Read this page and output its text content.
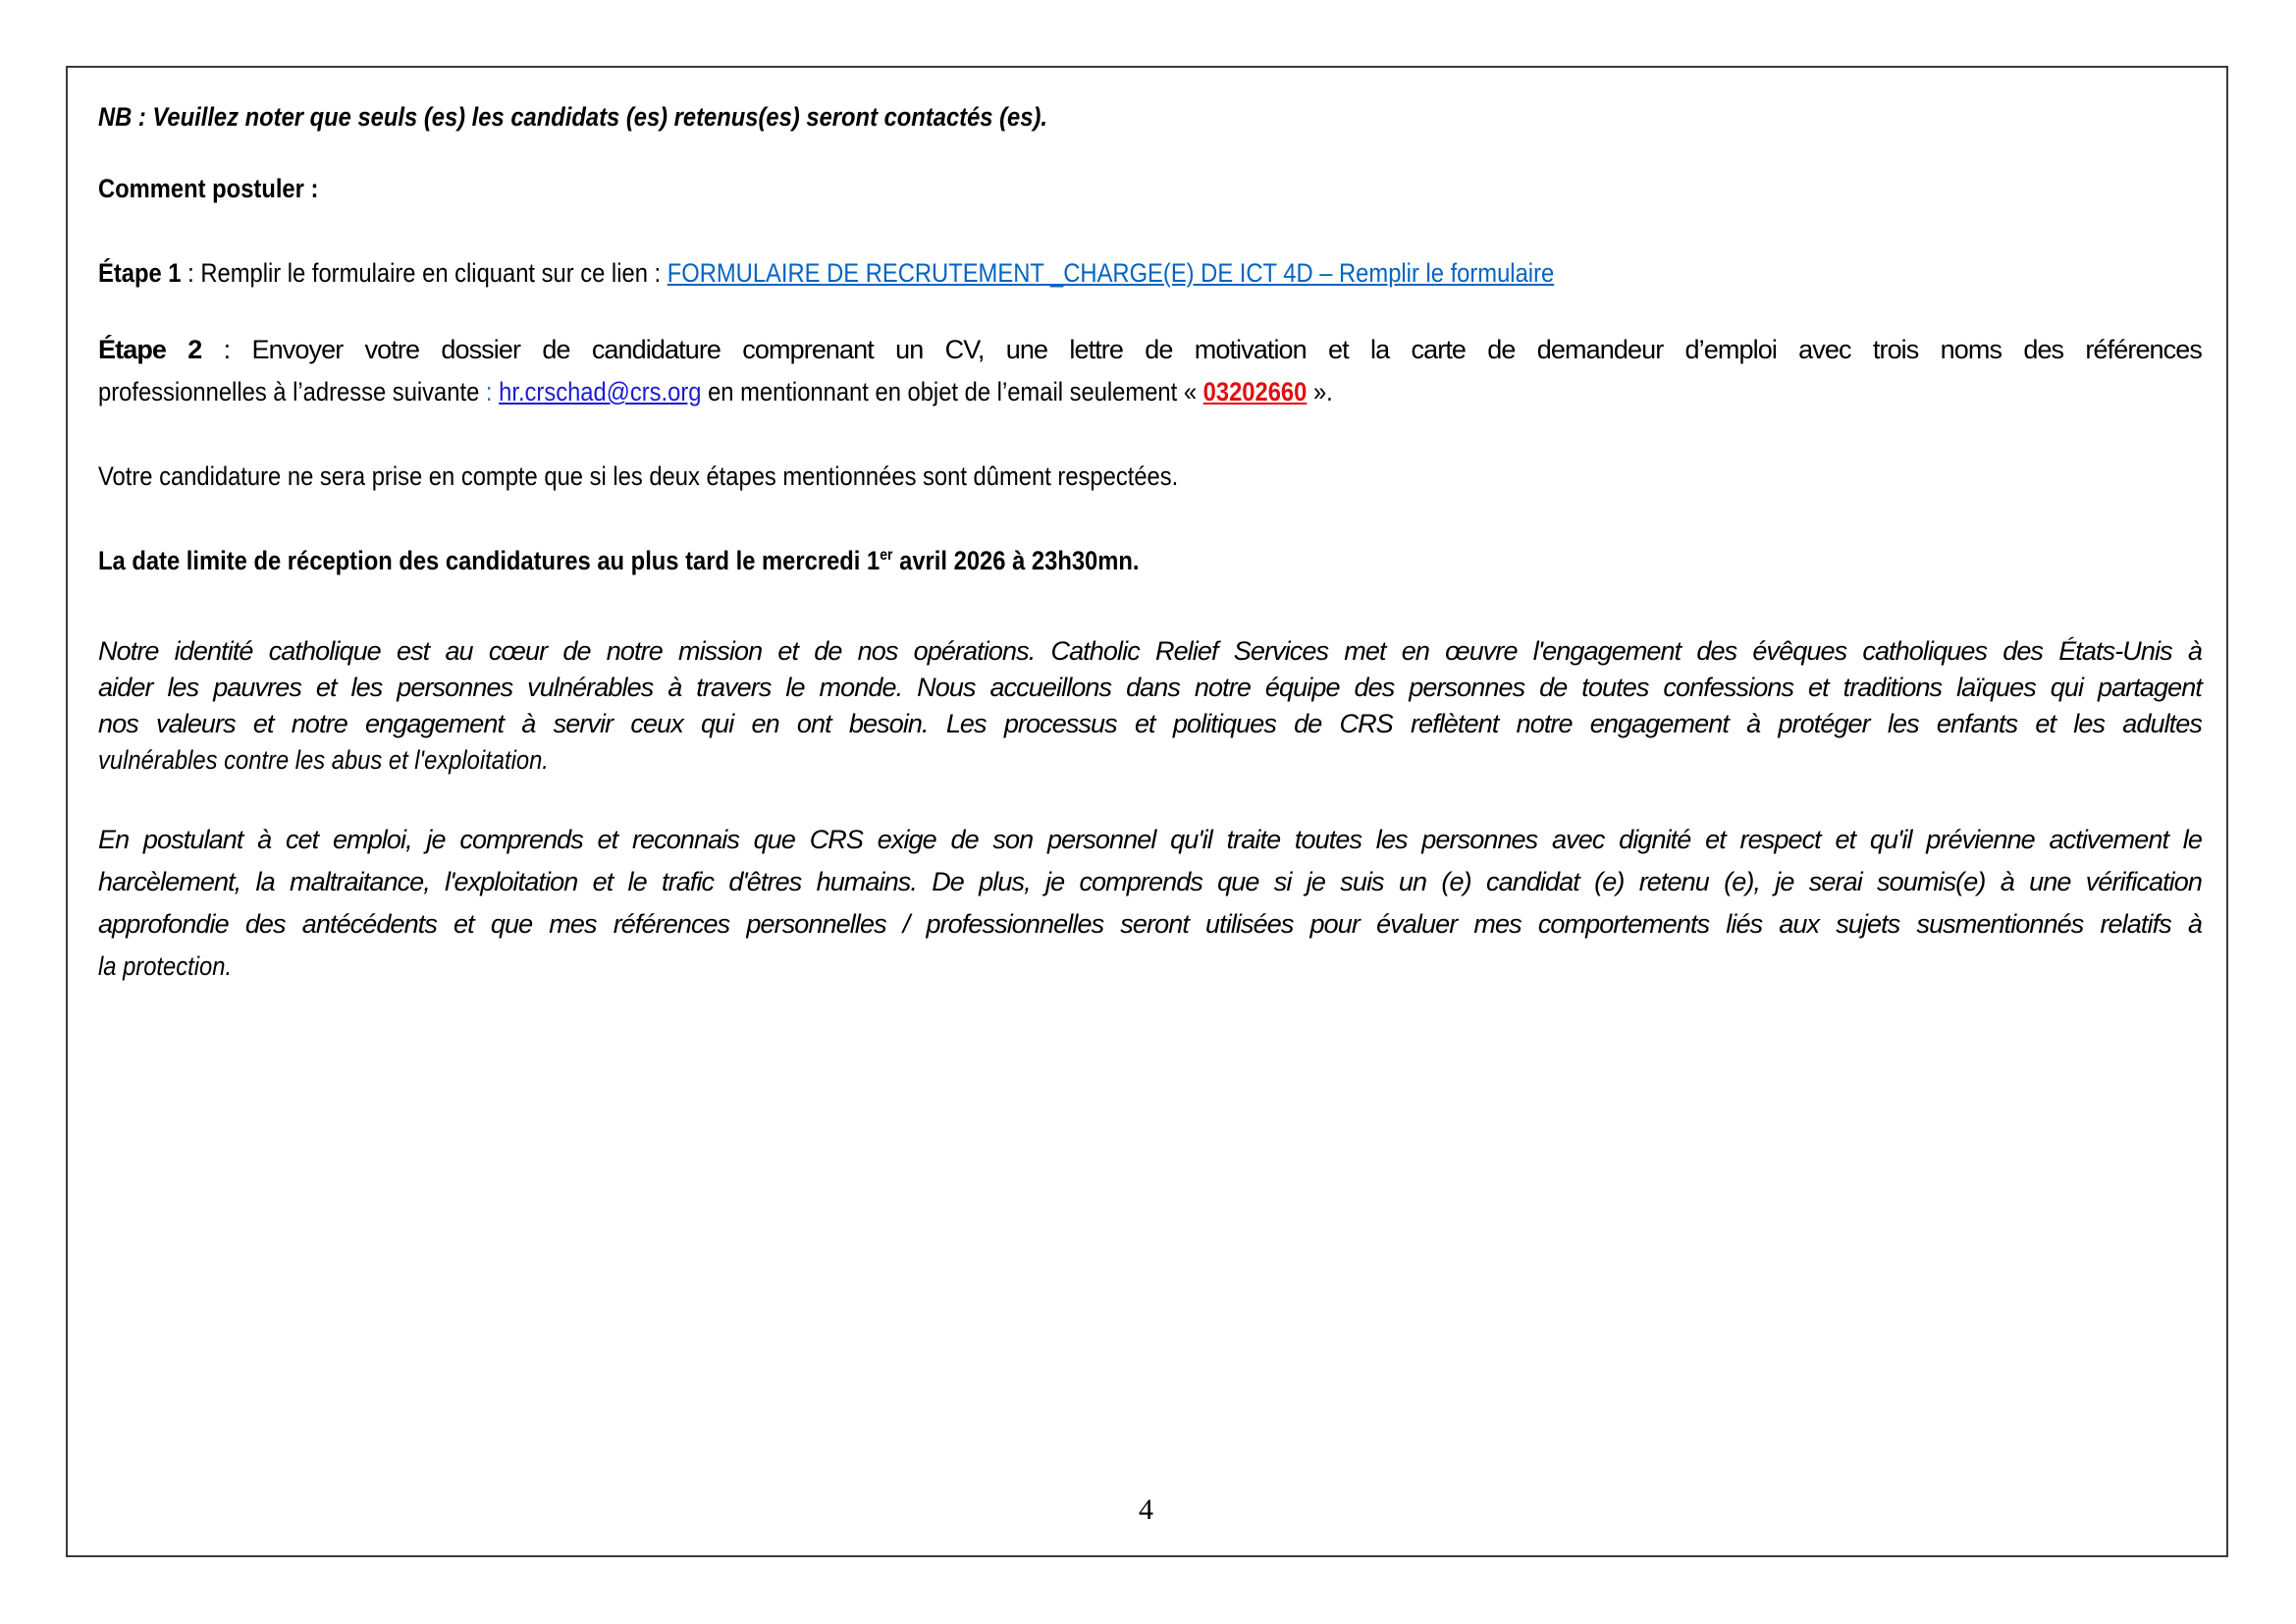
NB : Veuillez noter que seuls (es) les candidats (es) retenus(es) seront contactés (es).
Comment postuler :
Étape 1 : Remplir le formulaire en cliquant sur ce lien : FORMULAIRE DE RECRUTEMENT _CHARGE(E) DE ICT 4D – Remplir le formulaire
Étape 2 : Envoyer votre dossier de candidature comprenant un CV, une lettre de motivation et la carte de demandeur d’emploi avec trois noms des références
professionnelles à l’adresse suivante : hr.crschad@crs.org en mentionnant en objet de l’email seulement « 03202660 ».
Votre candidature ne sera prise en compte que si les deux étapes mentionnées sont dûment respectées.
La date limite de réception des candidatures au plus tard le mercredi 1er avril 2026 à 23h30mn.
Notre identité catholique est au cœur de notre mission et de nos opérations. Catholic Relief Services met en œuvre l'engagement des évêques catholiques des États-Unis à
aider les pauvres et les personnes vulnérables à travers le monde. Nous accueillons dans notre équipe des personnes de toutes confessions et traditions laïques qui partagent
nos valeurs et notre engagement à servir ceux qui en ont besoin. Les processus et politiques de CRS reflètent notre engagement à protéger les enfants et les adultes
vulnérables contre les abus et l'exploitation.
En postulant à cet emploi, je comprends et reconnais que CRS exige de son personnel qu'il traite toutes les personnes avec dignité et respect et qu'il prévienne activement le
harcèlement, la maltraitance, l'exploitation et le trafic d'êtres humains. De plus, je comprends que si je suis un (e) candidat (e) retenu (e), je serai soumis(e) à une vérification
approfondie des antécédents et que mes références personnelles / professionnelles seront utilisées pour évaluer mes comportements liés aux sujets susmentionnés relatifs à
la protection.
4
